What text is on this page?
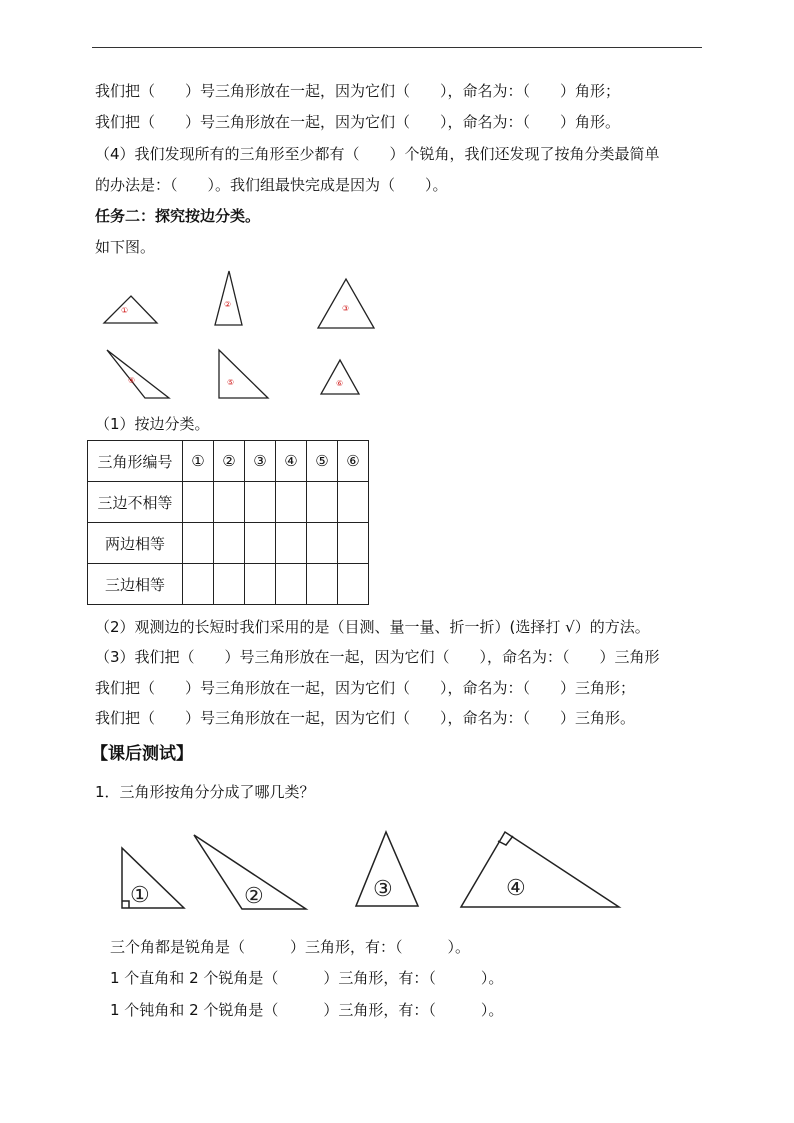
我们把（　　）号三角形放在一起，因为它们（　　），命名为：（　　）角形；
我们把（　　）号三角形放在一起，因为它们（　　），命名为：（　　）角形。
（4）我们发现所有的三角形至少都有（　　）个锐角，我们还发现了按角分类最简单
的办法是：（　　）。我们组最快完成是因为（　　）。
任务二：探究按边分类。
如下图。
①
②	③
④	⑤	⑥
（1）按边分类。
三角形编号	①	②	③	④	⑤	⑥
三边不相等						
两边相等						
三边相等						
（2）观测边的长短时我们采用的是（目测、量一量、折一折）(选择打 √）的方法。
（3）我们把（　　）号三角形放在一起，因为它们（　　），命名为：（　　）三角形
我们把（　　）号三角形放在一起，因为它们（　　），命名为：（　　）三角形；
我们把（　　）号三角形放在一起，因为它们（　　），命名为：（　　）三角形。
【课后测试】
1．三角形按角分分成了哪几类？
①	②	③	④
三个角都是锐角是（　　　）三角形，有：（　　　）。
1 个直角和 2 个锐角是（　　　）三角形，有：（　　　）。
1 个钝角和 2 个锐角是（　　　）三角形，有：（　　　）。
